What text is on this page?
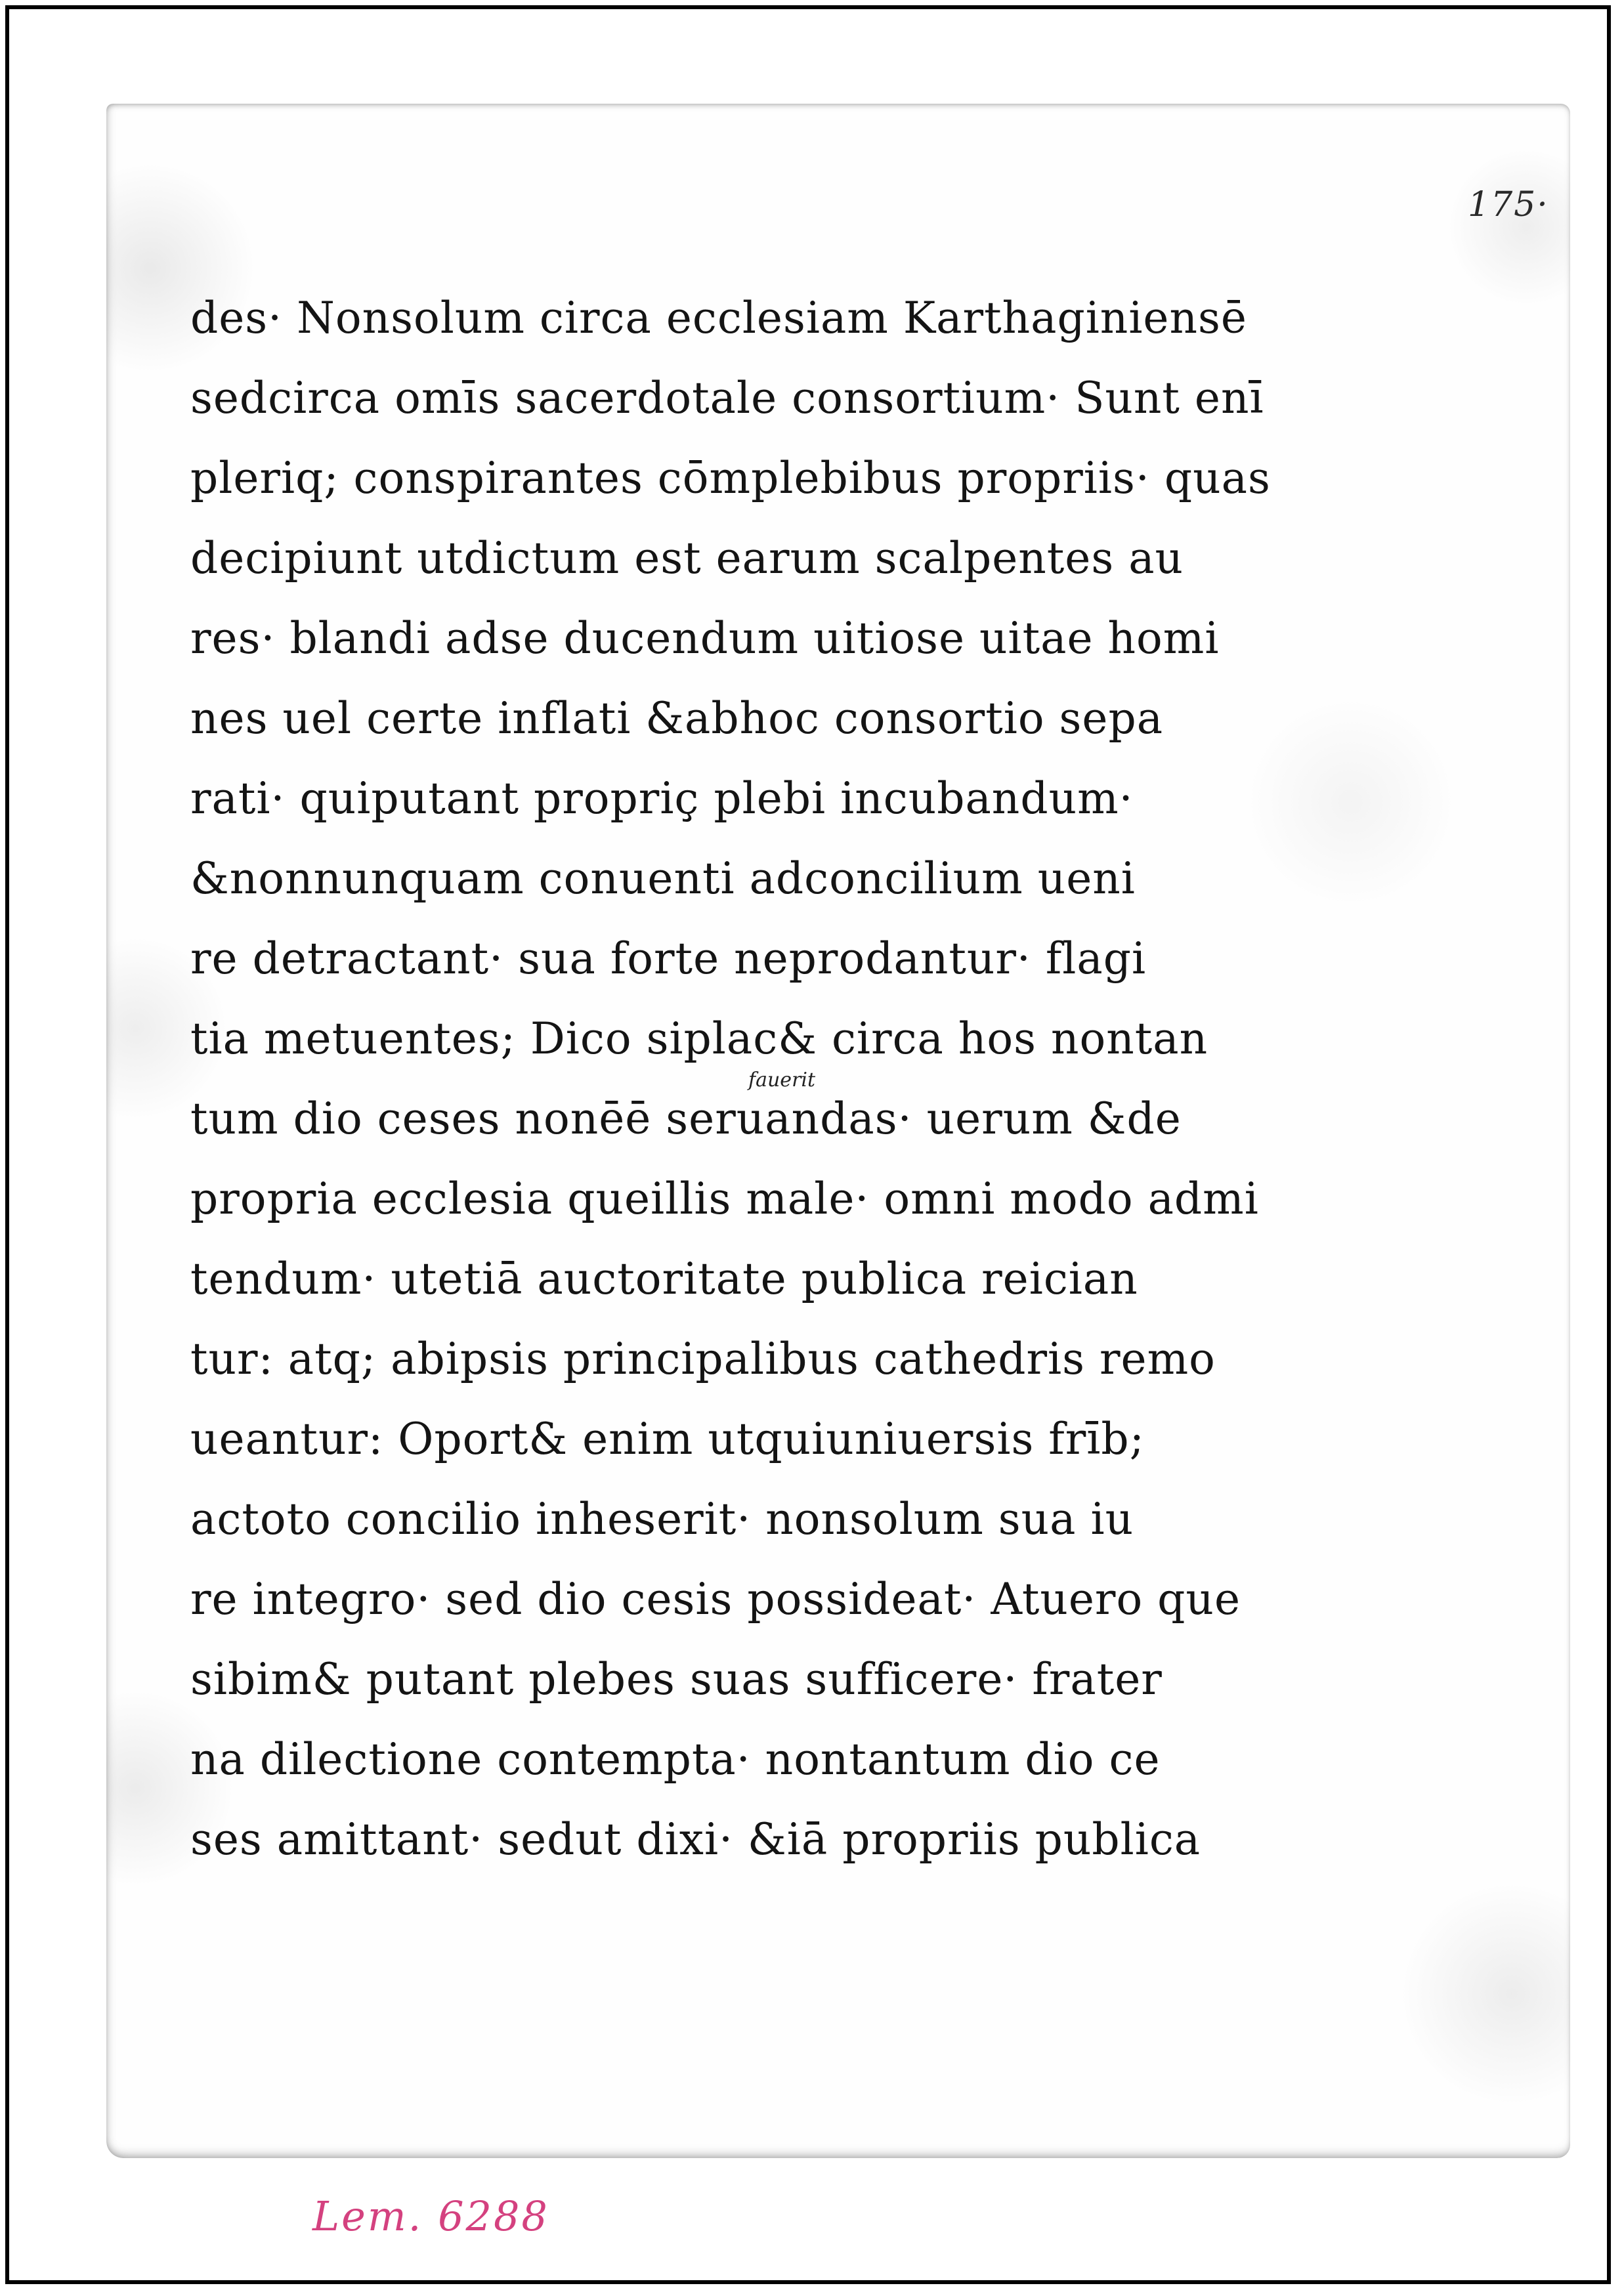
175·
des· Nonsolum circa ecclesiam Karthaginiensē
sedcirca omīs sacerdotale consortium· Sunt enī
pleriq; conspirantes cōmplebibus propriis· quas
decipiunt utdictum est earum scalpentes au
res· blandi adse ducendum uitiose uitae homi
nes uel certe inflati &abhoc consortio sepa
rati· quiputant propriç plebi incubandum·
&nonnunquam conuenti adconcilium ueni
re detractant· sua forte neprodantur· flagi
tia metuentes; Dico siplac& circa hos nontan
tum dio ceses nonēē seruandas· uerum &de
propria ecclesia queillis male· omni modo admi
tendum· utetiā auctoritate publica reician
tur: atq; abipsis principalibus cathedris remo
ueantur: Oport& enim utquiuniuersis frīb;
actoto concilio inheserit· nonsolum sua iu
re integro· sed dio cesis possideat· Atuero que
sibim& putant plebes suas sufficere· frater
na dilectione contempta· nontantum dio ce
ses amittant· sedut dixi· &iā propriis publica
fauerit
Lem. 6288
